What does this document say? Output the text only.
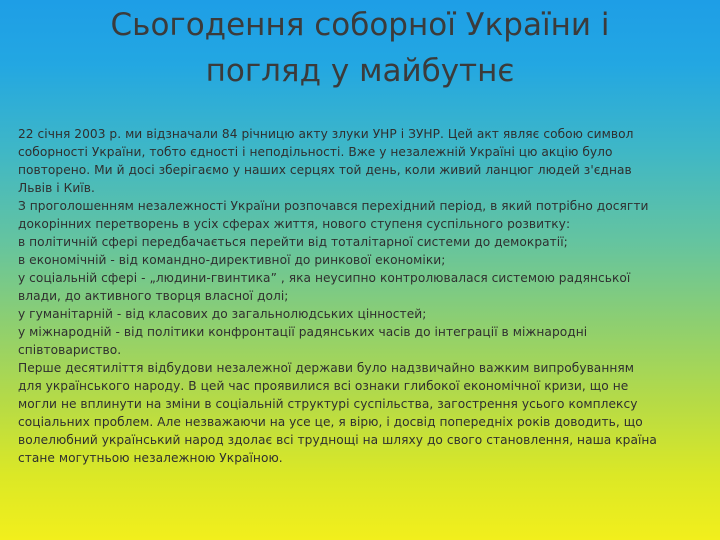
Сьогодення соборної України і
погляд у майбутнє

22 січня 2003 р. ми відзначали 84 річницю акту злуки УНР і ЗУНР. Цей акт являє собою символ соборності України, тобто єдності і неподільності. Вже у незалежній Україні цю акцію було повторено. Ми й досі зберігаємо у наших серцях той день, коли живий ланцюг людей з'єднав Львів і Київ.

З проголошенням незалежності України розпочався перехідний період, в який потрібно досягти докорінних перетворень в усіх сферах життя, нового ступеня суспільного розвитку:

в політичній сфері передбачається перейти від тоталітарної системи до демократії;

в економічній - від командно-директивної до ринкової економіки;

у соціальній сфері - „людини-гвинтика” , яка неусипно контролювалася системою радянської влади, до активного творця власної долі;

у гуманітарній - від класових до загальнолюдських цінностей;

у міжнародній - від політики конфронтації радянських часів до інтеграції в міжнародні співтовариство.

Перше десятиліття відбудови незалежної держави було надзвичайно важким випробуванням для українського народу. В цей час проявилися всі ознаки глибокої економічної кризи, що не могли не вплинути на зміни в соціальній структурі суспільства, загострення усього комплексу соціальних проблем. Але незважаючи на усе це, я вірю, і досвід попередніх років доводить, що волелюбний український народ здолає всі труднощі на шляху до свого становлення, наша країна стане могутньою незалежною Україною.
